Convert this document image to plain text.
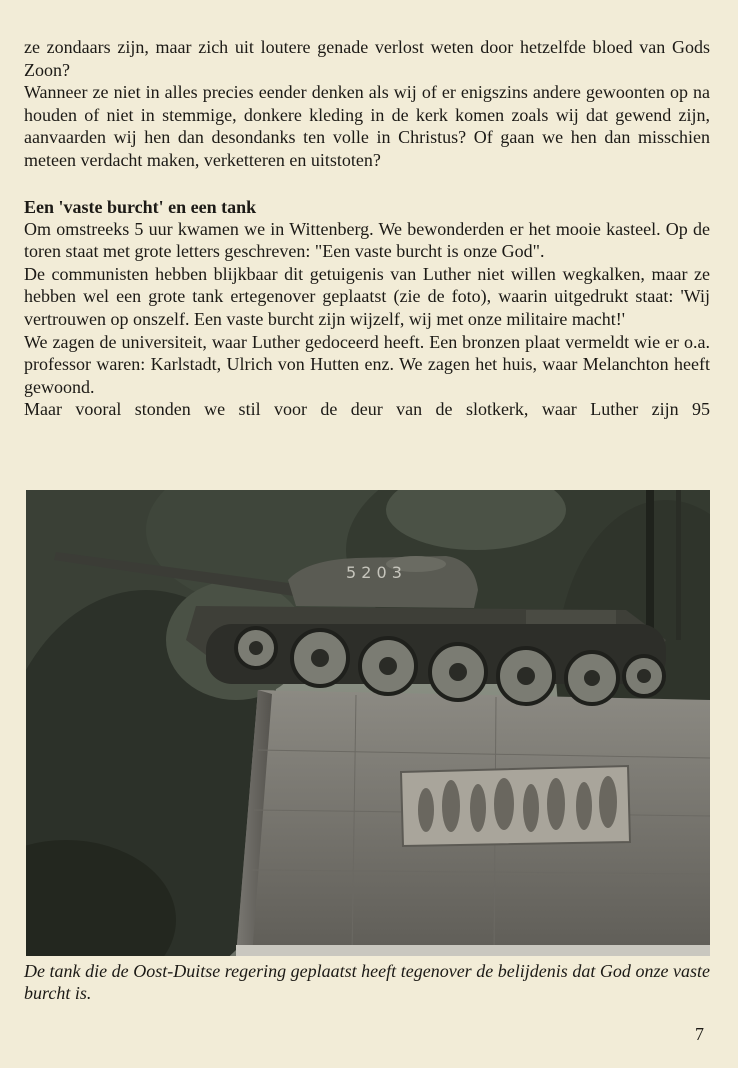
ze zondaars zijn, maar zich uit loutere genade verlost weten door hetzelfde bloed van Gods Zoon?

Wanneer ze niet in alles precies eender denken als wij of er enigszins andere gewoonten op na houden of niet in stemmige, donkere kleding in de kerk komen zoals wij dat gewend zijn, aanvaarden wij hen dan desondanks ten volle in Christus? Of gaan we hen dan misschien meteen verdacht maken, verketteren en uitstoten?

Een 'vaste burcht' en een tank

Om omstreeks 5 uur kwamen we in Wittenberg. We bewonderden er het mooie kasteel. Op de toren staat met grote letters geschreven: "Een vaste burcht is onze God".

De communisten hebben blijkbaar dit getuigenis van Luther niet willen wegkalken, maar ze hebben wel een grote tank ertegenover geplaatst (zie de foto), waarin uitgedrukt staat: 'Wij vertrouwen op onszelf. Een vaste burcht zijn wijzelf, wij met onze militaire macht!'

We zagen de universiteit, waar Luther gedoceerd heeft. Een bronzen plaat vermeldt wie er o.a. professor waren: Karlstadt, Ulrich von Hutten enz. We zagen het huis, waar Melanchton heeft gewoond.

Maar vooral stonden we stil voor de deur van de slotkerk, waar Luther zijn 95

5 2 0 3
De tank die de Oost-Duitse regering geplaatst heeft tegenover de belijdenis dat God onze vaste burcht is.
7
